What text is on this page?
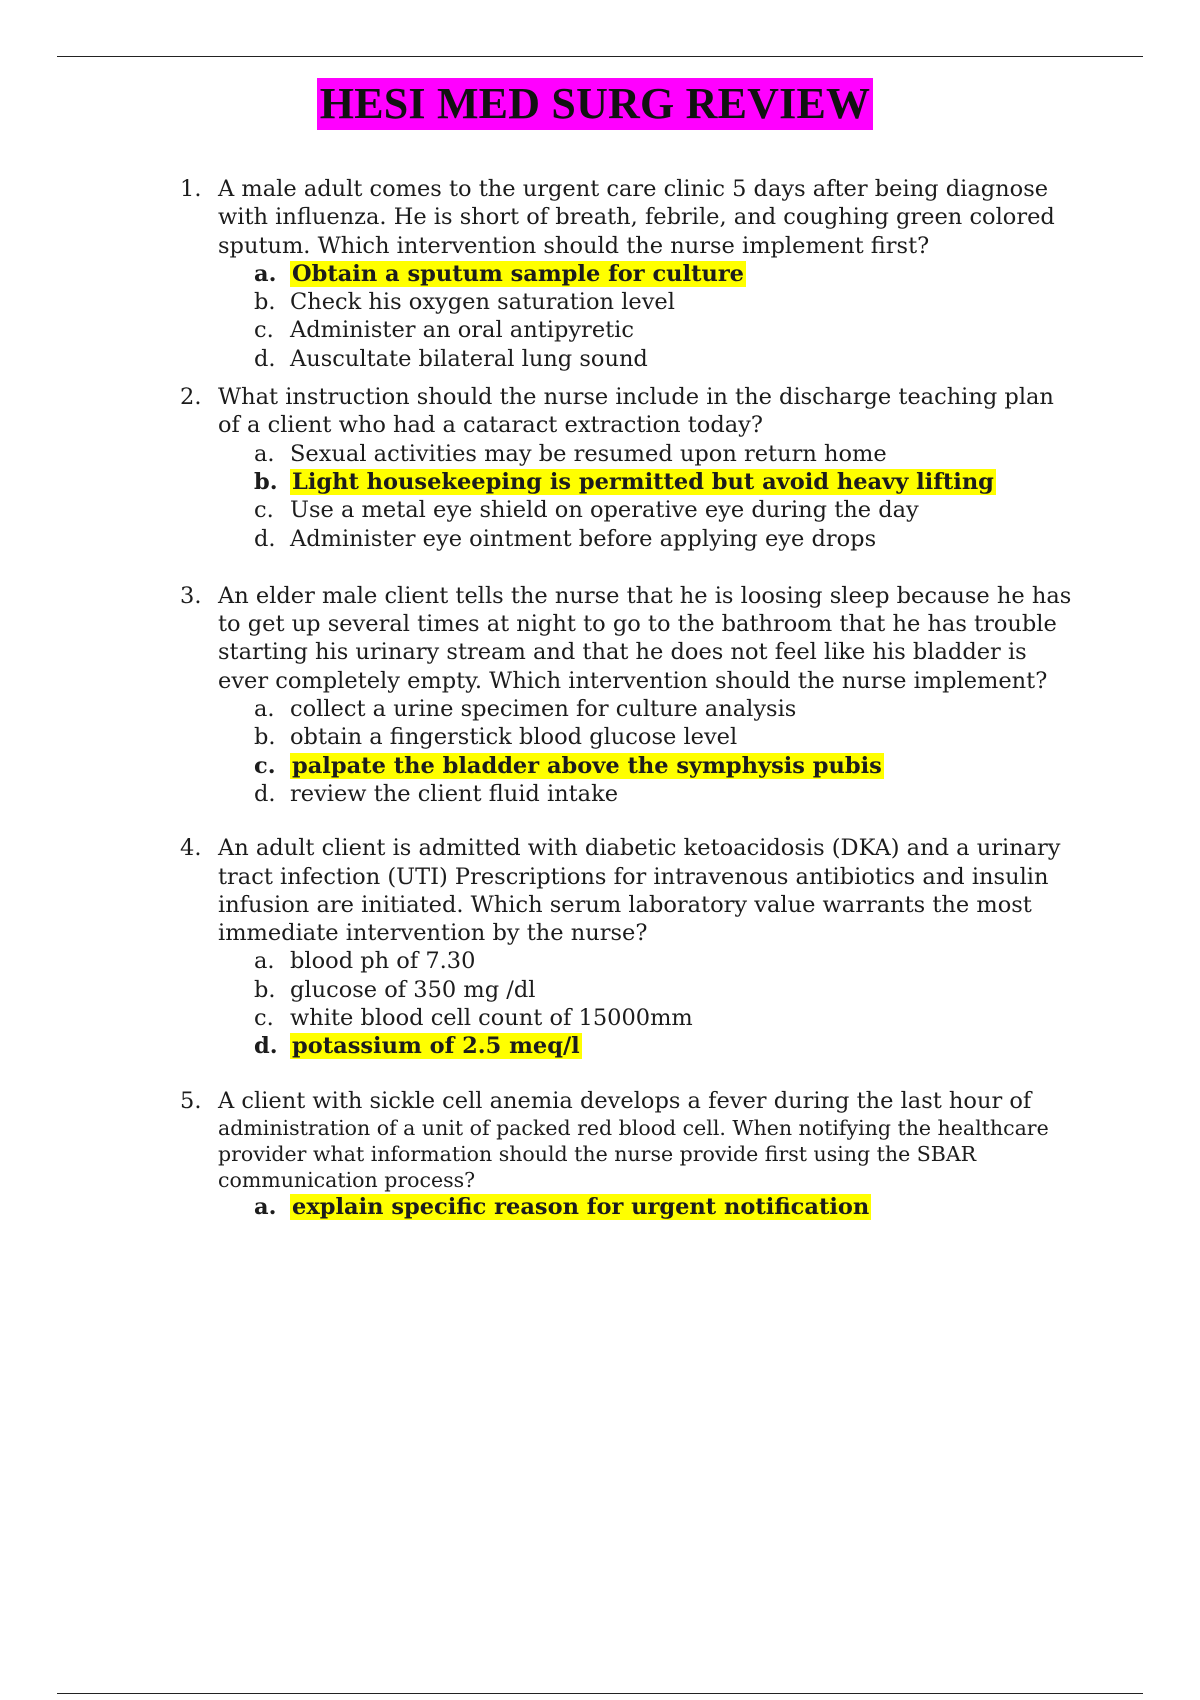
HESI MED SURG REVIEW
1. A male adult comes to the urgent care clinic 5 days after being diagnose with influenza. He is short of breath, febrile, and coughing green colored sputum. Which intervention should the nurse implement first?
a. Obtain a sputum sample for culture
b. Check his oxygen saturation level
c. Administer an oral antipyretic
d. Auscultate bilateral lung sound
2. What instruction should the nurse include in the discharge teaching plan of a client who had a cataract extraction today?
a. Sexual activities may be resumed upon return home
b. Light housekeeping is permitted but avoid heavy lifting
c. Use a metal eye shield on operative eye during the day
d. Administer eye ointment before applying eye drops
3. An elder male client tells the nurse that he is loosing sleep because he has to get up several times at night to go to the bathroom that he has trouble starting his urinary stream and that he does not feel like his bladder is ever completely empty. Which intervention should the nurse implement?
a. collect a urine specimen for culture analysis
b. obtain a fingerstick blood glucose level
c. palpate the bladder above the symphysis pubis
d. review the client fluid intake
4. An adult client is admitted with diabetic ketoacidosis (DKA) and a urinary tract infection (UTI) Prescriptions for intravenous antibiotics and insulin infusion are initiated. Which serum laboratory value warrants the most immediate intervention by the nurse?
a. blood ph of 7.30
b. glucose of 350 mg /dl
c. white blood cell count of 15000mm
d. potassium of 2.5 meq/l
5. A client with sickle cell anemia develops a fever during the last hour of
administration of a unit of packed red blood cell. When notifying the healthcare provider what information should the nurse provide first using the SBAR communication process?
a. explain specific reason for urgent notification
